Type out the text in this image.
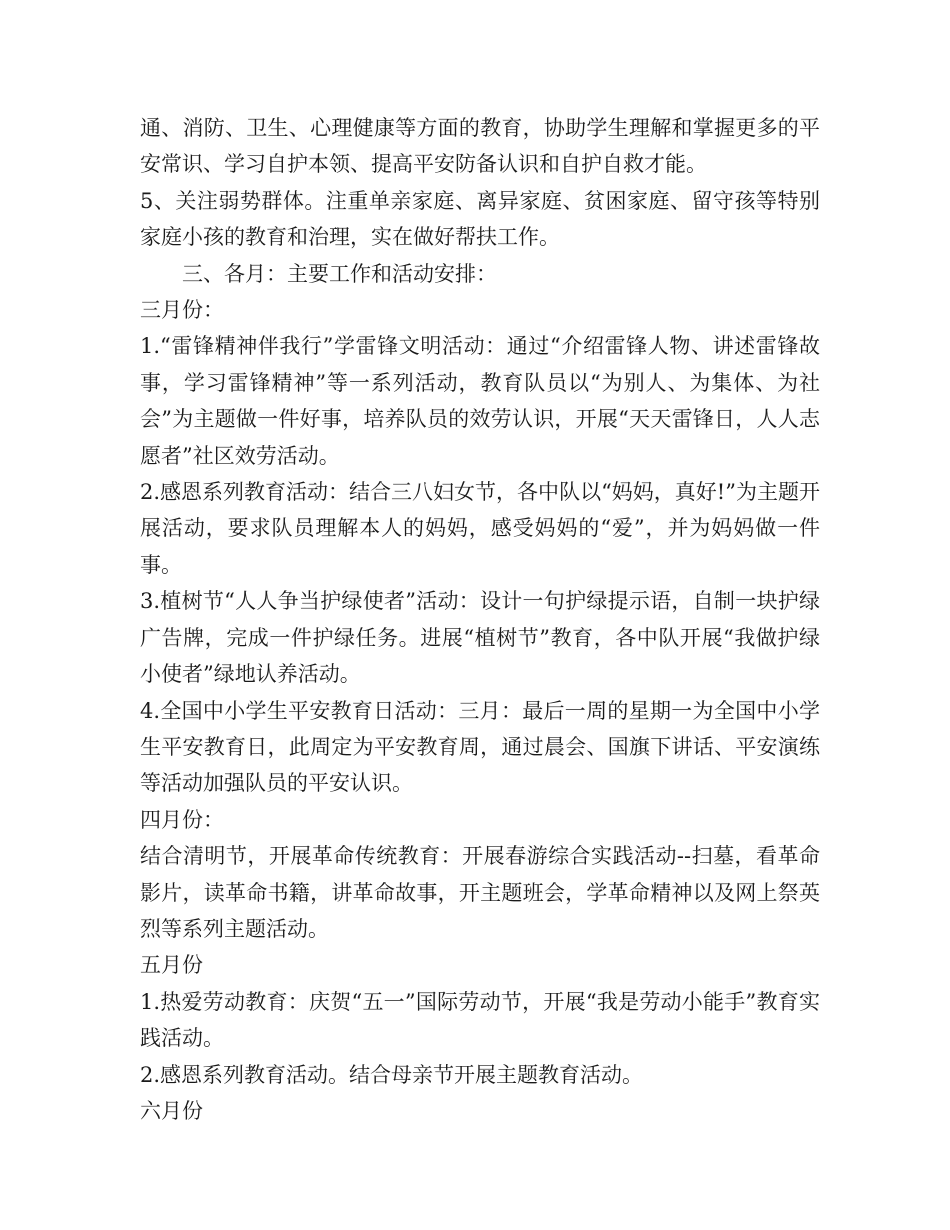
通、消防、卫生、心理健康等方面的教育，协助学生理解和掌握更多的平安常识、学习自护本领、提高平安防备认识和自护自救才能。

5、关注弱势群体。注重单亲家庭、离异家庭、贫困家庭、留守孩等特别家庭小孩的教育和治理，实在做好帮扶工作。

三、各月：主要工作和活动安排：

三月份：

1.“雷锋精神伴我行”学雷锋文明活动：通过“介绍雷锋人物、讲述雷锋故事，学习雷锋精神”等一系列活动，教育队员以“为别人、为集体、为社会”为主题做一件好事，培养队员的效劳认识，开展“天天雷锋日，人人志愿者”社区效劳活动。

2.感恩系列教育活动：结合三八妇女节，各中队以“妈妈，真好!”为主题开展活动，要求队员理解本人的妈妈，感受妈妈的“爱”，并为妈妈做一件事。

3.植树节“人人争当护绿使者”活动：设计一句护绿提示语，自制一块护绿广告牌，完成一件护绿任务。进展“植树节”教育，各中队开展“我做护绿小使者”绿地认养活动。

4.全国中小学生平安教育日活动：三月：最后一周的星期一为全国中小学生平安教育日，此周定为平安教育周，通过晨会、国旗下讲话、平安演练等活动加强队员的平安认识。

四月份：

结合清明节，开展革命传统教育：开展春游综合实践活动--扫墓，看革命影片，读革命书籍，讲革命故事，开主题班会，学革命精神以及网上祭英烈等系列主题活动。

五月份

1.热爱劳动教育：庆贺“五一”国际劳动节，开展“我是劳动小能手”教育实践活动。

2.感恩系列教育活动。结合母亲节开展主题教育活动。

六月份
